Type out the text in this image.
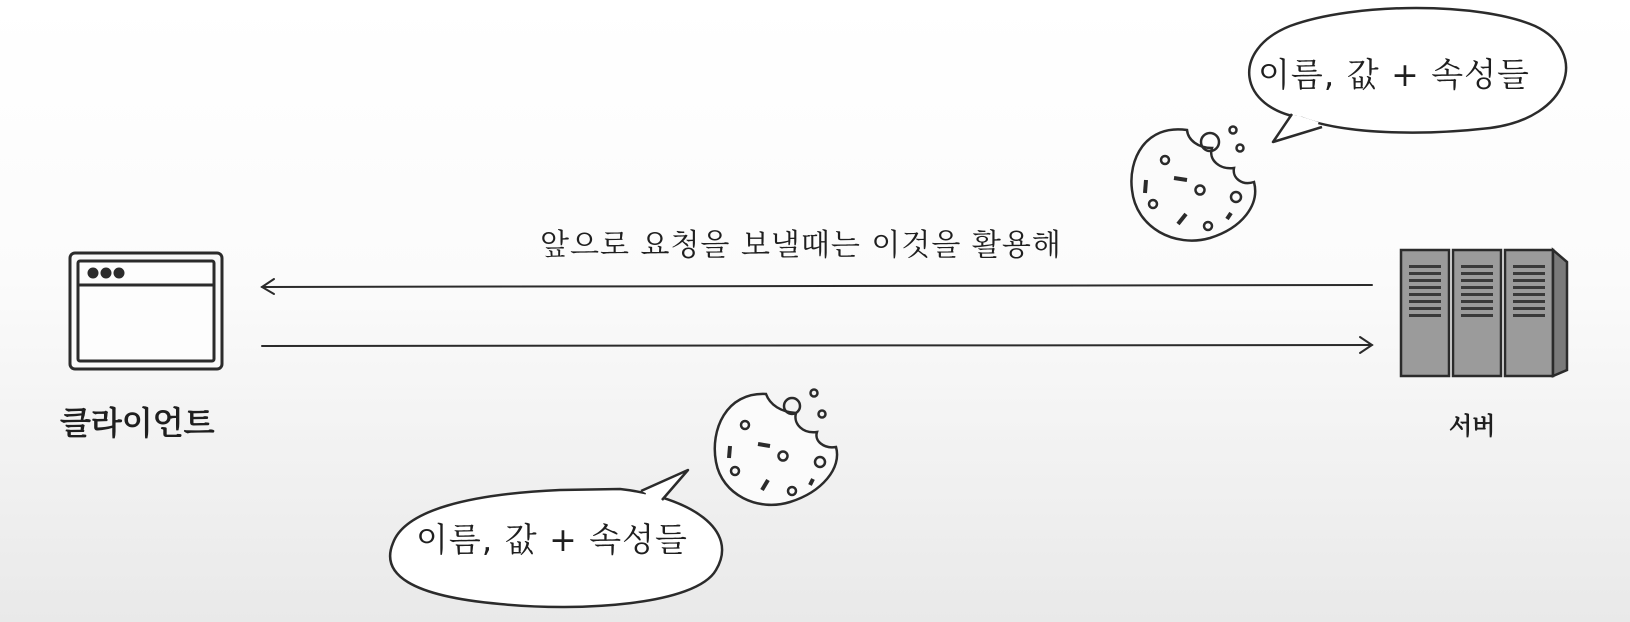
클라이언트	서버

앞으로 요청을 보낼때는 이것을 활용해

이름, 값 + 속성들

이름, 값 + 속성들
